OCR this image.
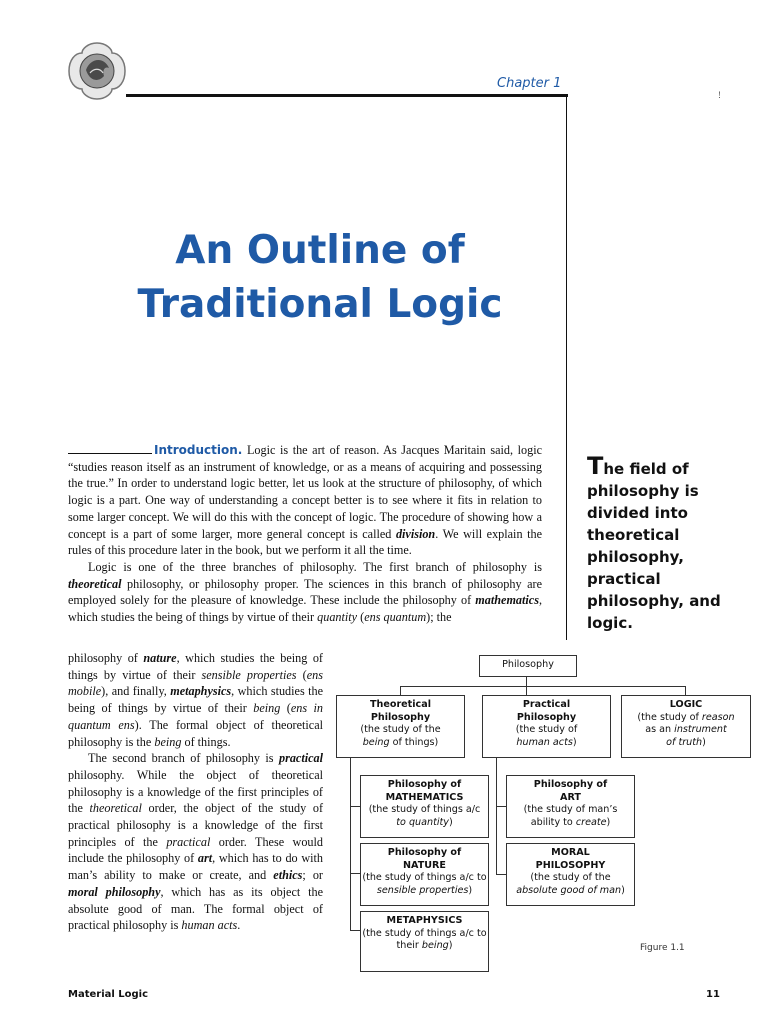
Chapter 1
!
An Outline of
Traditional Logic
Introduction. Logic is the art of reason. As Jacques Maritain said, logic “studies reason itself as an instrument of knowledge, or as a means of acquiring and possessing the true.” In order to understand logic better, let us look at the structure of philosophy, of which logic is a part. One way of understanding a concept better is to see where it fits in relation to some larger concept. We will do this with the concept of logic. The procedure of showing how a concept is a part of some larger, more general concept is called division. We will explain the rules of this procedure later in the book, but we perform it all the time.
Logic is one of the three branches of philosophy. The first branch of philosophy is theoretical philosophy, or philosophy proper. The sciences in this branch of philosophy are employed solely for the pleasure of knowledge. These include the philosophy of mathematics, which studies the being of things by virtue of their quantity (ens quantum); the
philosophy of nature, which studies the being of things by virtue of their sensible properties (ens mobile), and finally, metaphysics, which studies the being of things by virtue of their being (ens in quantum ens). The formal object of theoretical philosophy is the being of things.
The second branch of philosophy is practical philosophy. While the object of theoretical philosophy is a knowledge of the first principles of the theoretical order, the object of the study of practical philosophy is a knowledge of the first principles of the practical order. These would include the philosophy of art, which has to do with man’s ability to make or create, and ethics; or moral philosophy, which has as its object the absolute good of man. The formal object of practical philosophy is human acts.
The field of philosophy is divided into theoretical philosophy, practical philosophy, and logic.
Philosophy
Theoretical
Philosophy
(the study of the
being of things)
Practical
Philosophy
(the study of
human acts)
LOGIC
(the study of reason
as an instrument
of truth)
Philosophy of
MATHEMATICS
(the study of things a/c
to quantity)
Philosophy of
NATURE
(the study of things a/c to
sensible properties)
METAPHYSICS
(the study of things a/c to
their being)
Philosophy of
ART
(the study of man’s
ability to create)
MORAL
PHILOSOPHY
(the study of the
absolute good of man)
Figure 1.1
Material Logic	11
